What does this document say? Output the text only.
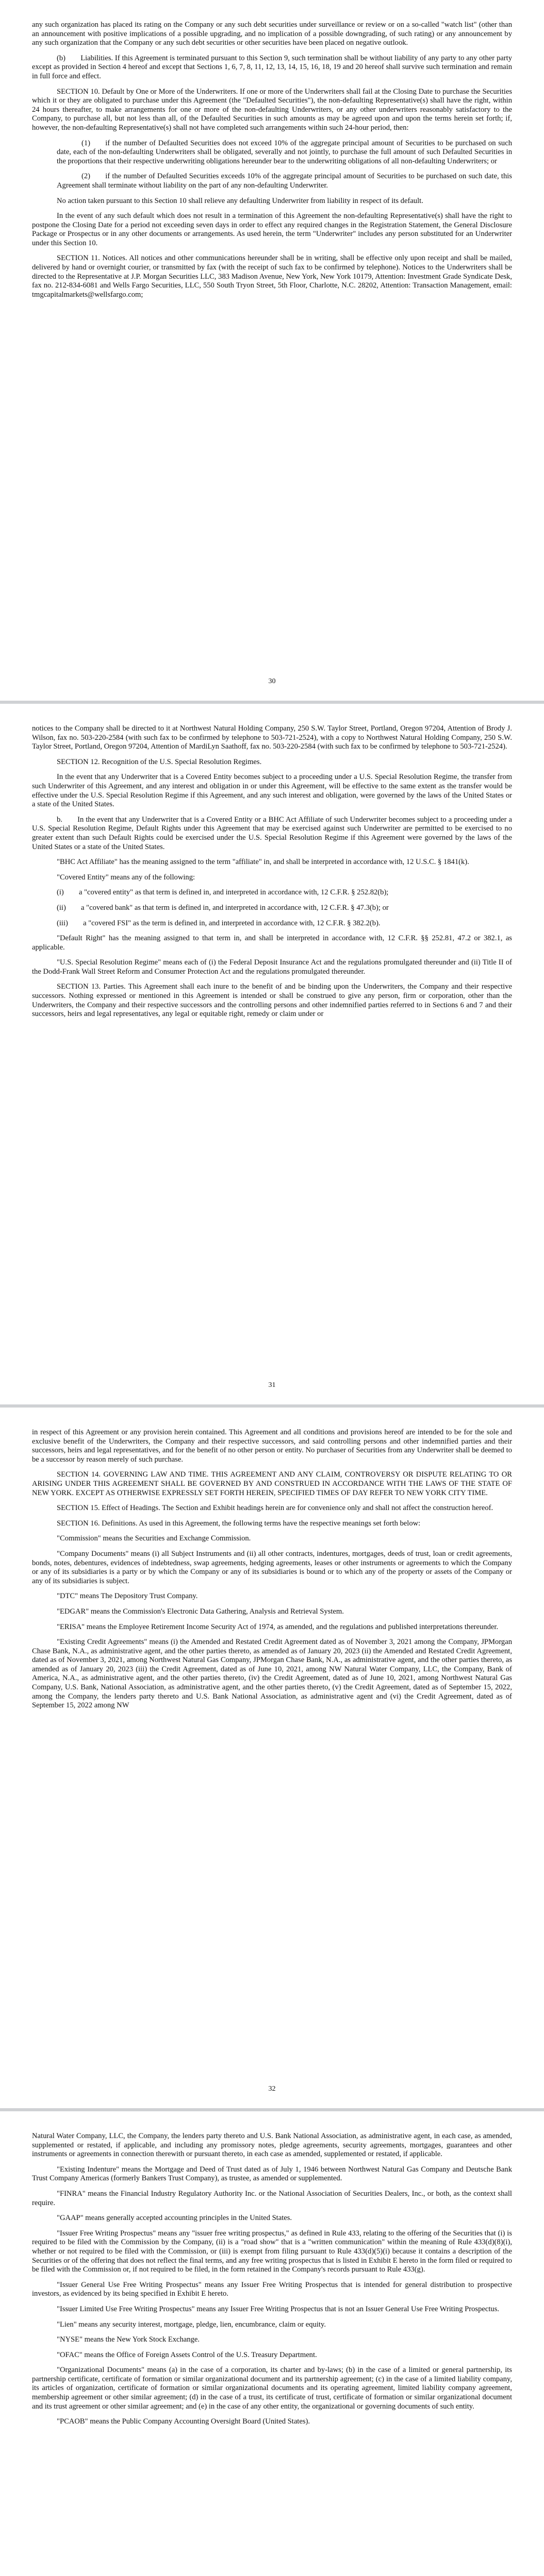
any such organization has placed its rating on the Company or any such debt securities under surveillance or review or on a so-called "watch list" (other than an announcement with positive implications of a possible upgrading, and no implication of a possible downgrading, of such rating) or any announcement by any such organization that the Company or any such debt securities or other securities have been placed on negative outlook.

(b)  Liabilities. If this Agreement is terminated pursuant to this Section 9, such termination shall be without liability of any party to any other party except as provided in Section 4 hereof and except that Sections 1, 6, 7, 8, 11, 12, 13, 14, 15, 16, 18, 19 and 20 hereof shall survive such termination and remain in full force and effect.

SECTION 10. Default by One or More of the Underwriters. If one or more of the Underwriters shall fail at the Closing Date to purchase the Securities which it or they are obligated to purchase under this Agreement (the "Defaulted Securities"), the non-defaulting Representative(s) shall have the right, within 24 hours thereafter, to make arrangements for one or more of the non-defaulting Underwriters, or any other underwriters reasonably satisfactory to the Company, to purchase all, but not less than all, of the Defaulted Securities in such amounts as may be agreed upon and upon the terms herein set forth; if, however, the non-defaulting Representative(s) shall not have completed such arrangements within such 24-hour period, then:

(1)  if the number of Defaulted Securities does not exceed 10% of the aggregate principal amount of Securities to be purchased on such date, each of the non-defaulting Underwriters shall be obligated, severally and not jointly, to purchase the full amount of such Defaulted Securities in the proportions that their respective underwriting obligations hereunder bear to the underwriting obligations of all non-defaulting Underwriters; or

(2)  if the number of Defaulted Securities exceeds 10% of the aggregate principal amount of Securities to be purchased on such date, this Agreement shall terminate without liability on the part of any non-defaulting Underwriter.

No action taken pursuant to this Section 10 shall relieve any defaulting Underwriter from liability in respect of its default.

In the event of any such default which does not result in a termination of this Agreement the non-defaulting Representative(s) shall have the right to postpone the Closing Date for a period not exceeding seven days in order to effect any required changes in the Registration Statement, the General Disclosure Package or Prospectus or in any other documents or arrangements. As used herein, the term "Underwriter" includes any person substituted for an Underwriter under this Section 10.

SECTION 11. Notices. All notices and other communications hereunder shall be in writing, shall be effective only upon receipt and shall be mailed, delivered by hand or overnight courier, or transmitted by fax (with the receipt of such fax to be confirmed by telephone). Notices to the Underwriters shall be directed to the Representative at J.P. Morgan Securities LLC, 383 Madison Avenue, New York, New York 10179, Attention: Investment Grade Syndicate Desk, fax no. 212-834-6081 and Wells Fargo Securities, LLC, 550 South Tryon Street, 5th Floor, Charlotte, N.C. 28202, Attention: Transaction Management, email: tmgcapitalmarkets@wellsfargo.com;

30

notices to the Company shall be directed to it at Northwest Natural Holding Company, 250 S.W. Taylor Street, Portland, Oregon 97204, Attention of Brody J. Wilson, fax no. 503-220-2584 (with such fax to be confirmed by telephone to 503-721-2524), with a copy to Northwest Natural Holding Company, 250 S.W. Taylor Street, Portland, Oregon 97204, Attention of MardiLyn Saathoff, fax no. 503-220-2584 (with such fax to be confirmed by telephone to 503-721-2524).

SECTION 12. Recognition of the U.S. Special Resolution Regimes.

In the event that any Underwriter that is a Covered Entity becomes subject to a proceeding under a U.S. Special Resolution Regime, the transfer from such Underwriter of this Agreement, and any interest and obligation in or under this Agreement, will be effective to the same extent as the transfer would be effective under the U.S. Special Resolution Regime if this Agreement, and any such interest and obligation, were governed by the laws of the United States or a state of the United States.

b.  In the event that any Underwriter that is a Covered Entity or a BHC Act Affiliate of such Underwriter becomes subject to a proceeding under a U.S. Special Resolution Regime, Default Rights under this Agreement that may be exercised against such Underwriter are permitted to be exercised to no greater extent than such Default Rights could be exercised under the U.S. Special Resolution Regime if this Agreement were governed by the laws of the United States or a state of the United States.

"BHC Act Affiliate" has the meaning assigned to the term "affiliate" in, and shall be interpreted in accordance with, 12 U.S.C. § 1841(k).

"Covered Entity" means any of the following:

(i)  a "covered entity" as that term is defined in, and interpreted in accordance with, 12 C.F.R. § 252.82(b);

(ii)  a "covered bank" as that term is defined in, and interpreted in accordance with, 12 C.F.R. § 47.3(b); or

(iii)  a "covered FSI" as the term is defined in, and interpreted in accordance with, 12 C.F.R. § 382.2(b).

"Default Right" has the meaning assigned to that term in, and shall be interpreted in accordance with, 12 C.F.R. §§ 252.81, 47.2 or 382.1, as applicable.

"U.S. Special Resolution Regime" means each of (i) the Federal Deposit Insurance Act and the regulations promulgated thereunder and (ii) Title II of the Dodd-Frank Wall Street Reform and Consumer Protection Act and the regulations promulgated thereunder.

SECTION 13. Parties. This Agreement shall each inure to the benefit of and be binding upon the Underwriters, the Company and their respective successors. Nothing expressed or mentioned in this Agreement is intended or shall be construed to give any person, firm or corporation, other than the Underwriters, the Company and their respective successors and the controlling persons and other indemnified parties referred to in Sections 6 and 7 and their successors, heirs and legal representatives, any legal or equitable right, remedy or claim under or

31

in respect of this Agreement or any provision herein contained. This Agreement and all conditions and provisions hereof are intended to be for the sole and exclusive benefit of the Underwriters, the Company and their respective successors, and said controlling persons and other indemnified parties and their successors, heirs and legal representatives, and for the benefit of no other person or entity. No purchaser of Securities from any Underwriter shall be deemed to be a successor by reason merely of such purchase.

SECTION 14. GOVERNING LAW AND TIME. THIS AGREEMENT AND ANY CLAIM, CONTROVERSY OR DISPUTE RELATING TO OR ARISING UNDER THIS AGREEMENT SHALL BE GOVERNED BY AND CONSTRUED IN ACCORDANCE WITH THE LAWS OF THE STATE OF NEW YORK. EXCEPT AS OTHERWISE EXPRESSLY SET FORTH HEREIN, SPECIFIED TIMES OF DAY REFER TO NEW YORK CITY TIME.

SECTION 15. Effect of Headings. The Section and Exhibit headings herein are for convenience only and shall not affect the construction hereof.

SECTION 16. Definitions. As used in this Agreement, the following terms have the respective meanings set forth below:

"Commission" means the Securities and Exchange Commission.

"Company Documents" means (i) all Subject Instruments and (ii) all other contracts, indentures, mortgages, deeds of trust, loan or credit agreements, bonds, notes, debentures, evidences of indebtedness, swap agreements, hedging agreements, leases or other instruments or agreements to which the Company or any of its subsidiaries is a party or by which the Company or any of its subsidiaries is bound or to which any of the property or assets of the Company or any of its subsidiaries is subject.

"DTC" means The Depository Trust Company.

"EDGAR" means the Commission's Electronic Data Gathering, Analysis and Retrieval System.

"ERISA" means the Employee Retirement Income Security Act of 1974, as amended, and the regulations and published interpretations thereunder.

"Existing Credit Agreements" means (i) the Amended and Restated Credit Agreement dated as of November 3, 2021 among the Company, JPMorgan Chase Bank, N.A., as administrative agent, and the other parties thereto, as amended as of January 20, 2023 (ii) the Amended and Restated Credit Agreement, dated as of November 3, 2021, among Northwest Natural Gas Company, JPMorgan Chase Bank, N.A., as administrative agent, and the other parties thereto, as amended as of January 20, 2023 (iii) the Credit Agreement, dated as of June 10, 2021, among NW Natural Water Company, LLC, the Company, Bank of America, N.A., as administrative agent, and the other parties thereto, (iv) the Credit Agreement, dated as of June 10, 2021, among Northwest Natural Gas Company, U.S. Bank, National Association, as administrative agent, and the other parties thereto, (v) the Credit Agreement, dated as of September 15, 2022, among the Company, the lenders party thereto and U.S. Bank National Association, as administrative agent and (vi) the Credit Agreement, dated as of September 15, 2022 among NW

32

Natural Water Company, LLC, the Company, the lenders party thereto and U.S. Bank National Association, as administrative agent, in each case, as amended, supplemented or restated, if applicable, and including any promissory notes, pledge agreements, security agreements, mortgages, guarantees and other instruments or agreements in connection therewith or pursuant thereto, in each case as amended, supplemented or restated, if applicable.

"Existing Indenture" means the Mortgage and Deed of Trust dated as of July 1, 1946 between Northwest Natural Gas Company and Deutsche Bank Trust Company Americas (formerly Bankers Trust Company), as trustee, as amended or supplemented.

"FINRA" means the Financial Industry Regulatory Authority Inc. or the National Association of Securities Dealers, Inc., or both, as the context shall require.

"GAAP" means generally accepted accounting principles in the United States.

"Issuer Free Writing Prospectus" means any "issuer free writing prospectus," as defined in Rule 433, relating to the offering of the Securities that (i) is required to be filed with the Commission by the Company, (ii) is a "road show" that is a "written communication" within the meaning of Rule 433(d)(8)(i), whether or not required to be filed with the Commission, or (iii) is exempt from filing pursuant to Rule 433(d)(5)(i) because it contains a description of the Securities or of the offering that does not reflect the final terms, and any free writing prospectus that is listed in Exhibit E hereto in the form filed or required to be filed with the Commission or, if not required to be filed, in the form retained in the Company's records pursuant to Rule 433(g).

"Issuer General Use Free Writing Prospectus" means any Issuer Free Writing Prospectus that is intended for general distribution to prospective investors, as evidenced by its being specified in Exhibit E hereto.

"Issuer Limited Use Free Writing Prospectus" means any Issuer Free Writing Prospectus that is not an Issuer General Use Free Writing Prospectus.

"Lien" means any security interest, mortgage, pledge, lien, encumbrance, claim or equity.

"NYSE" means the New York Stock Exchange.

"OFAC" means the Office of Foreign Assets Control of the U.S. Treasury Department.

"Organizational Documents" means (a) in the case of a corporation, its charter and by-laws; (b) in the case of a limited or general partnership, its partnership certificate, certificate of formation or similar organizational document and its partnership agreement; (c) in the case of a limited liability company, its articles of organization, certificate of formation or similar organizational documents and its operating agreement, limited liability company agreement, membership agreement or other similar agreement; (d) in the case of a trust, its certificate of trust, certificate of formation or similar organizational document and its trust agreement or other similar agreement; and (e) in the case of any other entity, the organizational or governing documents of such entity.

"PCAOB" means the Public Company Accounting Oversight Board (United States).
